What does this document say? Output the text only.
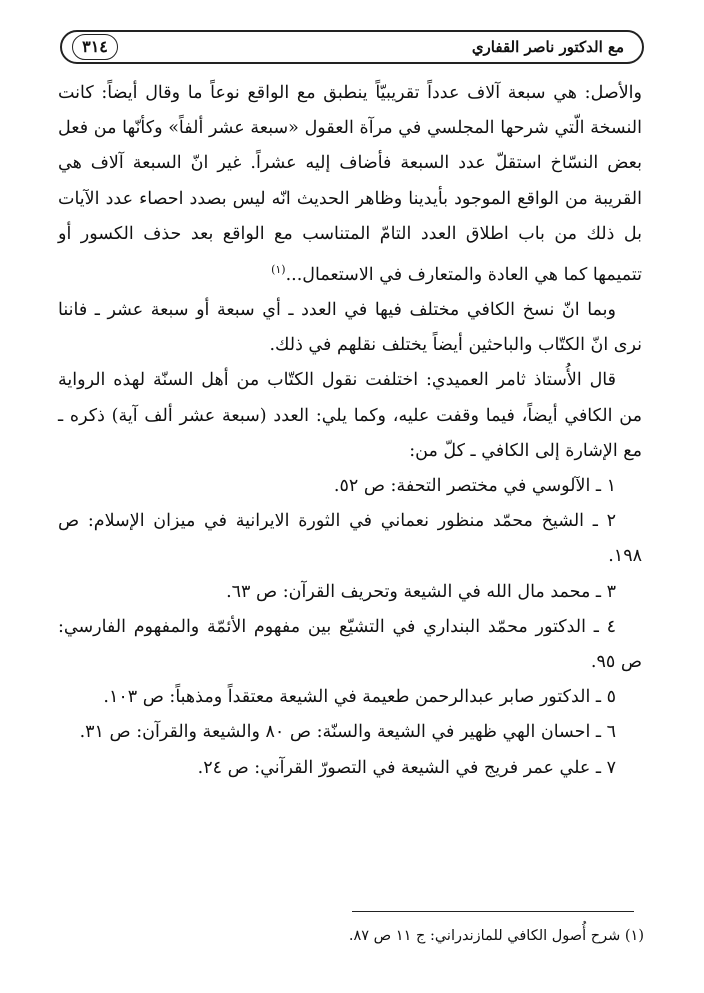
٣١٤	مع الدكتور ناصر القفاري

والأصل: هي سبعة آلاف عدداً تقريبيّاً ينطبق مع الواقع نوعاً ما وقال أيضاً: كانت النسخة الّتي شرحها المجلسي في مرآة العقول «سبعة عشر ألفاً» وكأنّها من فعل بعض النسّاخ استقلّ عدد السبعة فأضاف إليه عشراً. غير انّ السبعة آلاف هي القريبة من الواقع الموجود بأيدينا وظاهر الحديث انّه ليس بصدد احصاء عدد الآيات بل ذلك من باب اطلاق العدد التامّ المتناسب مع الواقع بعد حذف الكسور أو تتميمها كما هي العادة والمتعارف في الاستعمال...$^{(١)}$

وبما انّ نسخ الكافي مختلف فيها في العدد ـ أي سبعة أو سبعة عشر ـ فاننا نرى انّ الكتّاب والباحثين أيضاً يختلف نقلهم في ذلك.

قال الأُستاذ ثامر العميدي: اختلفت نقول الكتّاب من أهل السنّة لهذه الرواية من الكافي أيضاً، فيما وقفت عليه، وكما يلي: العدد (سبعة عشر ألف آية) ذكره ـ مع الإشارة إلى الكافي ـ كلّ من:

١ ـ الآلوسي في مختصر التحفة: ص ٥٢.

٢ ـ الشيخ محمّد منظور نعماني في الثورة الايرانية في ميزان الإسلام: ص ١٩٨.

٣ ـ محمد مال الله في الشيعة وتحريف القرآن: ص ٦٣.

٤ ـ الدكتور محمّد البنداري في التشيّع بين مفهوم الأئمّة والمفهوم الفارسي: ص ٩٥.

٥ ـ الدكتور صابر عبدالرحمن طعيمة في الشيعة معتقداً ومذهباً: ص ١٠٣.

٦ ـ احسان الهي ظهير في الشيعة والسنّة: ص ٨٠ والشيعة والقرآن: ص ٣١.

٧ ـ علي عمر فريج في الشيعة في التصورّ القرآني: ص ٢٤.

(١) شرح أُصول الكافي للمازندراني: ج ١١ ص ٨٧.
